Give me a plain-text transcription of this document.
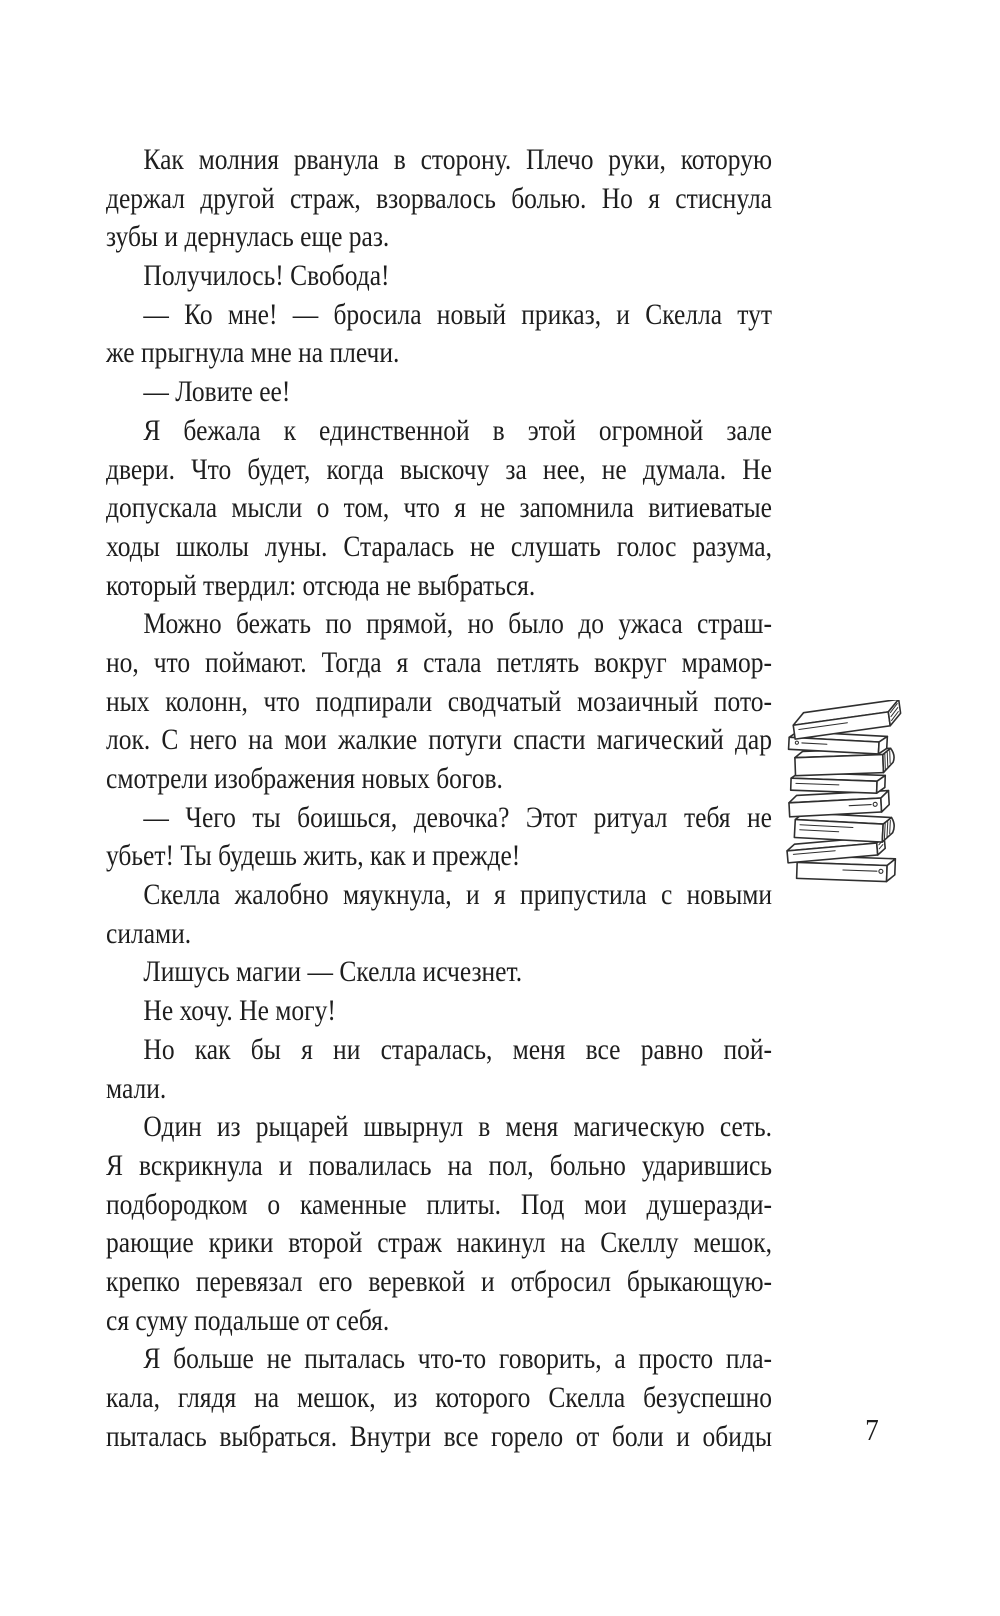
Как молния рванула в сторону. Плечо руки, которую
держал другой страж, взорвалось болью. Но я стиснула
зубы и дернулась еще раз.
Получилось! Свобода!
— Ко мне! — бросила новый приказ, и Скелла тут
же прыгнула мне на плечи.
— Ловите ее!
Я бежала к единственной в этой огромной зале
двери. Что будет, когда выскочу за нее, не думала. Не
допускала мысли о том, что я не запомнила витиеватые
ходы школы луны. Старалась не слушать голос разума,
который твердил: отсюда не выбраться.
Можно бежать по прямой, но было до ужаса страш-
но, что поймают. Тогда я стала петлять вокруг мрамор-
ных колонн, что подпирали сводчатый мозаичный пото-
лок. С него на мои жалкие потуги спасти магический дар
смотрели изображения новых богов.
— Чего ты боишься, девочка? Этот ритуал тебя не
убьет! Ты будешь жить, как и прежде!
Скелла жалобно мяукнула, и я припустила с новыми
силами.
Лишусь магии — Скелла исчезнет.
Не хочу. Не могу!
Но как бы я ни старалась, меня все равно пой-
мали.
Один из рыцарей швырнул в меня магическую сеть.
Я вскрикнула и повалилась на пол, больно ударившись
подбородком о каменные плиты. Под мои душеразди-
рающие крики второй страж накинул на Скеллу мешок,
крепко перевязал его веревкой и отбросил брыкающую-
ся суму подальше от себя.
Я больше не пыталась что-то говорить, а просто пла-
кала, глядя на мешок, из которого Скелла безуспешно
пыталась выбраться. Внутри все горело от боли и обиды	7
